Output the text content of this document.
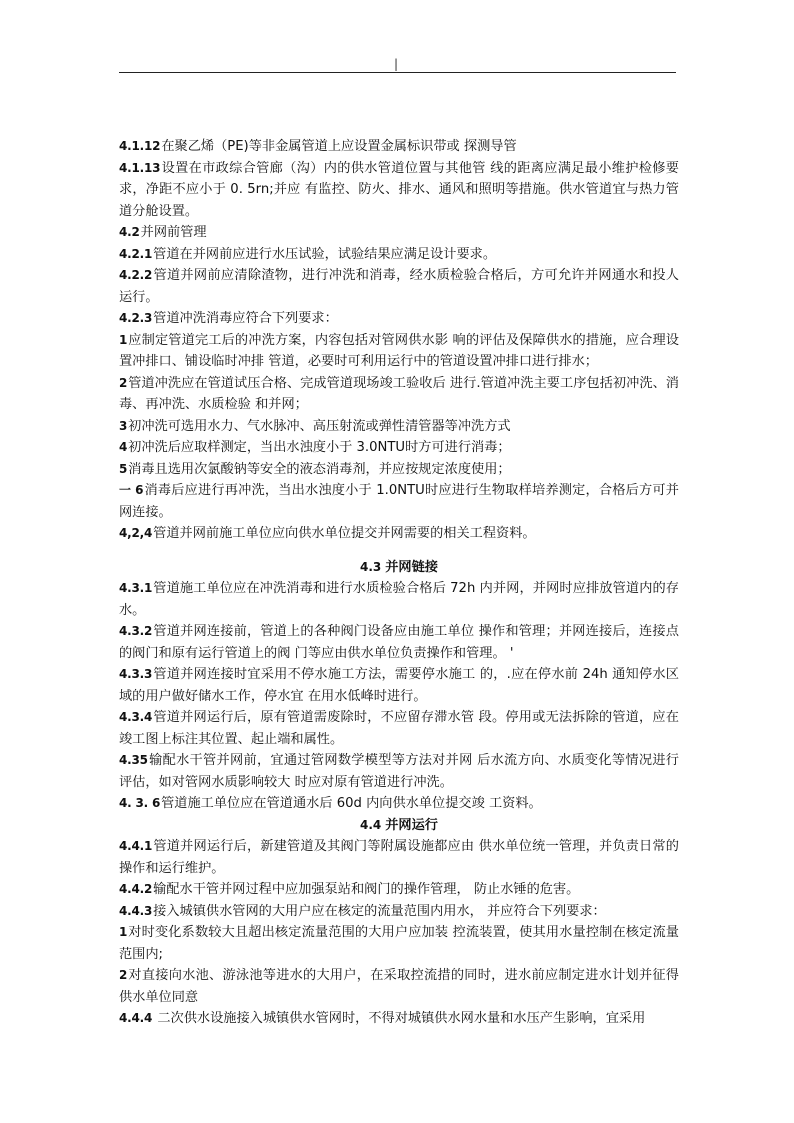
|

4.1.12在聚乙烯（PE)等非金属管道上应设置金属标识带或 探测导管

4.1.13设置在市政综合管廊（沟）内的供水管道位置与其他管 线的距离应满足最小维护检修要求，净距不应小于 0. 5rn;并应 有监控、防火、排水、通风和照明等措施。供水管道宜与热力管道分舱设置。

4.2并网前管理

4.2.1管道在并网前应进行水压试验，试验结果应满足设计要求。

4.2.2管道并网前应清除渣物，进行冲洗和消毒，经水质检验合格后，方可允许并网通水和投人运行。

4.2.3管道冲洗消毒应符合下列要求：

1应制定管道完工后的冲洗方案，内容包括对管网供水影 响的评估及保障供水的措施，应合理设置冲排口、铺设临时冲排 管道，必要时可利用运行中的管道设置冲排口进行排水；

2管道冲洗应在管道试压合格、完成管道现场竣工验收后 进行.管道冲洗主要工序包括初冲洗、消毒、再冲洗、水质检验 和并网；

3初冲洗可选用水力、气水脉冲、高压射流或弹性清管器等冲洗方式

4初冲洗后应取样测定，当出水浊度小于 3.0NTU时方可进行消毒；

5消毒且选用次氯酸钠等安全的液态消毒剂，并应按规定浓度使用；

一 6消毒后应进行再冲洗，当出水浊度小于 1.0NTU时应进行生物取样培养测定，合格后方可并网连接。

4,2,4管道并网前施工单位应向供水单位提交并网需要的相关工程资料。

4.3 并网链接

4.3.1管道施工单位应在冲洗消毒和进行水质检验合格后 72h 内并网，并网时应排放管道内的存水。

4.3.2管道并网连接前，管道上的各种阀门设备应由施工单位 操作和管理；并网连接后，连接点的阀门和原有运行管道上的阀 门等应由供水单位负责操作和管理。 '

4.3.3管道并网连接时宜采用不停水施工方法，需要停水施工 的，.应在停水前 24h 通知停水区域的用户做好储水工作，停水宜 在用水低峰时进行。

4.3.4管道并网运行后，原有管道需废除时，不应留存滞水管 段。停用或无法拆除的管道，应在竣工图上标注其位置、起止端和属性。

4.35输配水干管并网前，宜通过管网数学模型等方法对并网 后水流方向、水质变化等情况进行评估，如对管网水质影响较大 时应对原有管道进行冲洗。

4. 3. 6管道施工单位应在管道通水后 60d 内向供水单位提交竣 工资料。

4.4 并网运行

4.4.1管道并网运行后，新建管道及其阀门等附属设施都应由 供水单位统一管理，并负责日常的操作和运行维护。

4.4.2输配水干管并网过程中应加强泵站和阀门的操作管理， 防止水锤的危害。

4.4.3接入城镇供水管网的大用户应在核定的流量范围内用水， 并应符合下列要求：

1对时变化系数较大且超出核定流量范围的大用户应加装 控流装置，使其用水量控制在核定流量范围内;

2对直接向水池、游泳池等进水的大用户，在采取控流措的同时，进水前应制定进水计划并征得供水单位同意

4.4.4 二次供水设施接入城镇供水管网时，不得对城镇供水网水量和水压产生影响，宜采用
